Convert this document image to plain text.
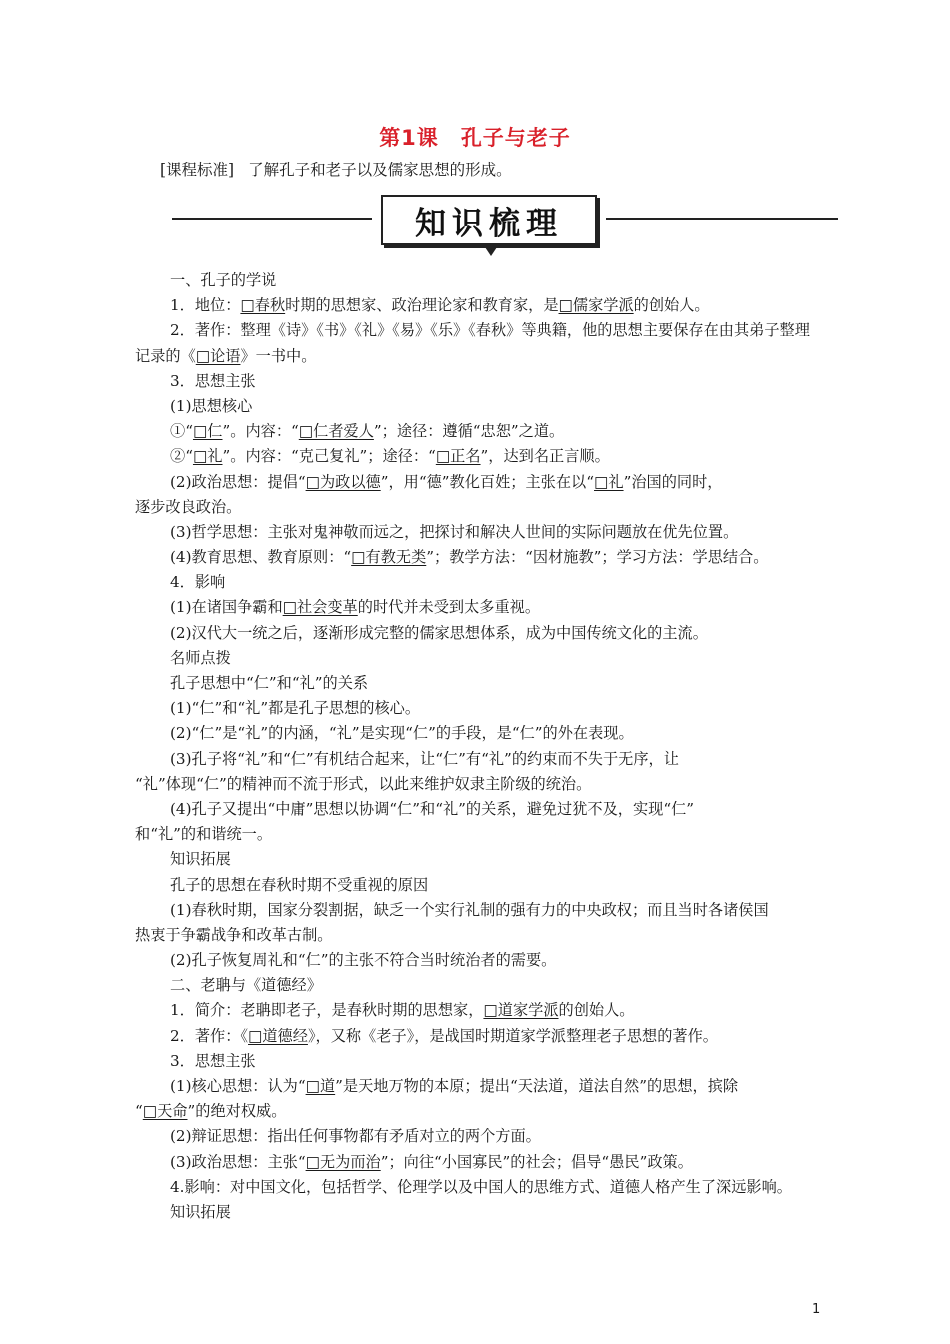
第1课 孔子与老子
[课程标准] 了解孔子和老子以及儒家思想的形成。
知识梳理
一、孔子的学说
1．地位：□春秋时期的思想家、政治理论家和教育家，是□儒家学派的创始人。
2．著作：整理《诗》《书》《礼》《易》《乐》《春秋》等典籍，他的思想主要保存在由其弟子整理
记录的《□论语》一书中。
3．思想主张
(1)思想核心
①“□仁”。内容：“□仁者爱人”；途径：遵循“忠恕”之道。
②“□礼”。内容：“克己复礼”；途径：“□正名”，达到名正言顺。
(2)政治思想：提倡“□为政以德”，用“德”教化百姓；主张在以“□礼”治国的同时，
逐步改良政治。
(3)哲学思想：主张对鬼神敬而远之，把探讨和解决人世间的实际问题放在优先位置。
(4)教育思想、教育原则：“□有教无类”；教学方法：“因材施教”；学习方法：学思结合。
4．影响
(1)在诸国争霸和□社会变革的时代并未受到太多重视。
(2)汉代大一统之后，逐渐形成完整的儒家思想体系，成为中国传统文化的主流。
名师点拨
孔子思想中“仁”和“礼”的关系
(1)“仁”和“礼”都是孔子思想的核心。
(2)“仁”是“礼”的内涵，“礼”是实现“仁”的手段，是“仁”的外在表现。
(3)孔子将“礼”和“仁”有机结合起来，让“仁”有“礼”的约束而不失于无序，让
“礼”体现“仁”的精神而不流于形式，以此来维护奴隶主阶级的统治。
(4)孔子又提出“中庸”思想以协调“仁”和“礼”的关系，避免过犹不及，实现“仁”
和“礼”的和谐统一。
知识拓展
孔子的思想在春秋时期不受重视的原因
(1)春秋时期，国家分裂割据，缺乏一个实行礼制的强有力的中央政权；而且当时各诸侯国
热衷于争霸战争和改革古制。
(2)孔子恢复周礼和“仁”的主张不符合当时统治者的需要。
二、老聃与《道德经》
1．简介：老聃即老子，是春秋时期的思想家，□道家学派的创始人。
2．著作：《□道德经》，又称《老子》，是战国时期道家学派整理老子思想的著作。
3．思想主张
(1)核心思想：认为“□道”是天地万物的本原；提出“天法道，道法自然”的思想，摈除
“□天命”的绝对权威。
(2)辩证思想：指出任何事物都有矛盾对立的两个方面。
(3)政治思想：主张“□无为而治”；向往“小国寡民”的社会；倡导“愚民”政策。
4.影响：对中国文化，包括哲学、伦理学以及中国人的思维方式、道德人格产生了深远影响。
知识拓展
1
